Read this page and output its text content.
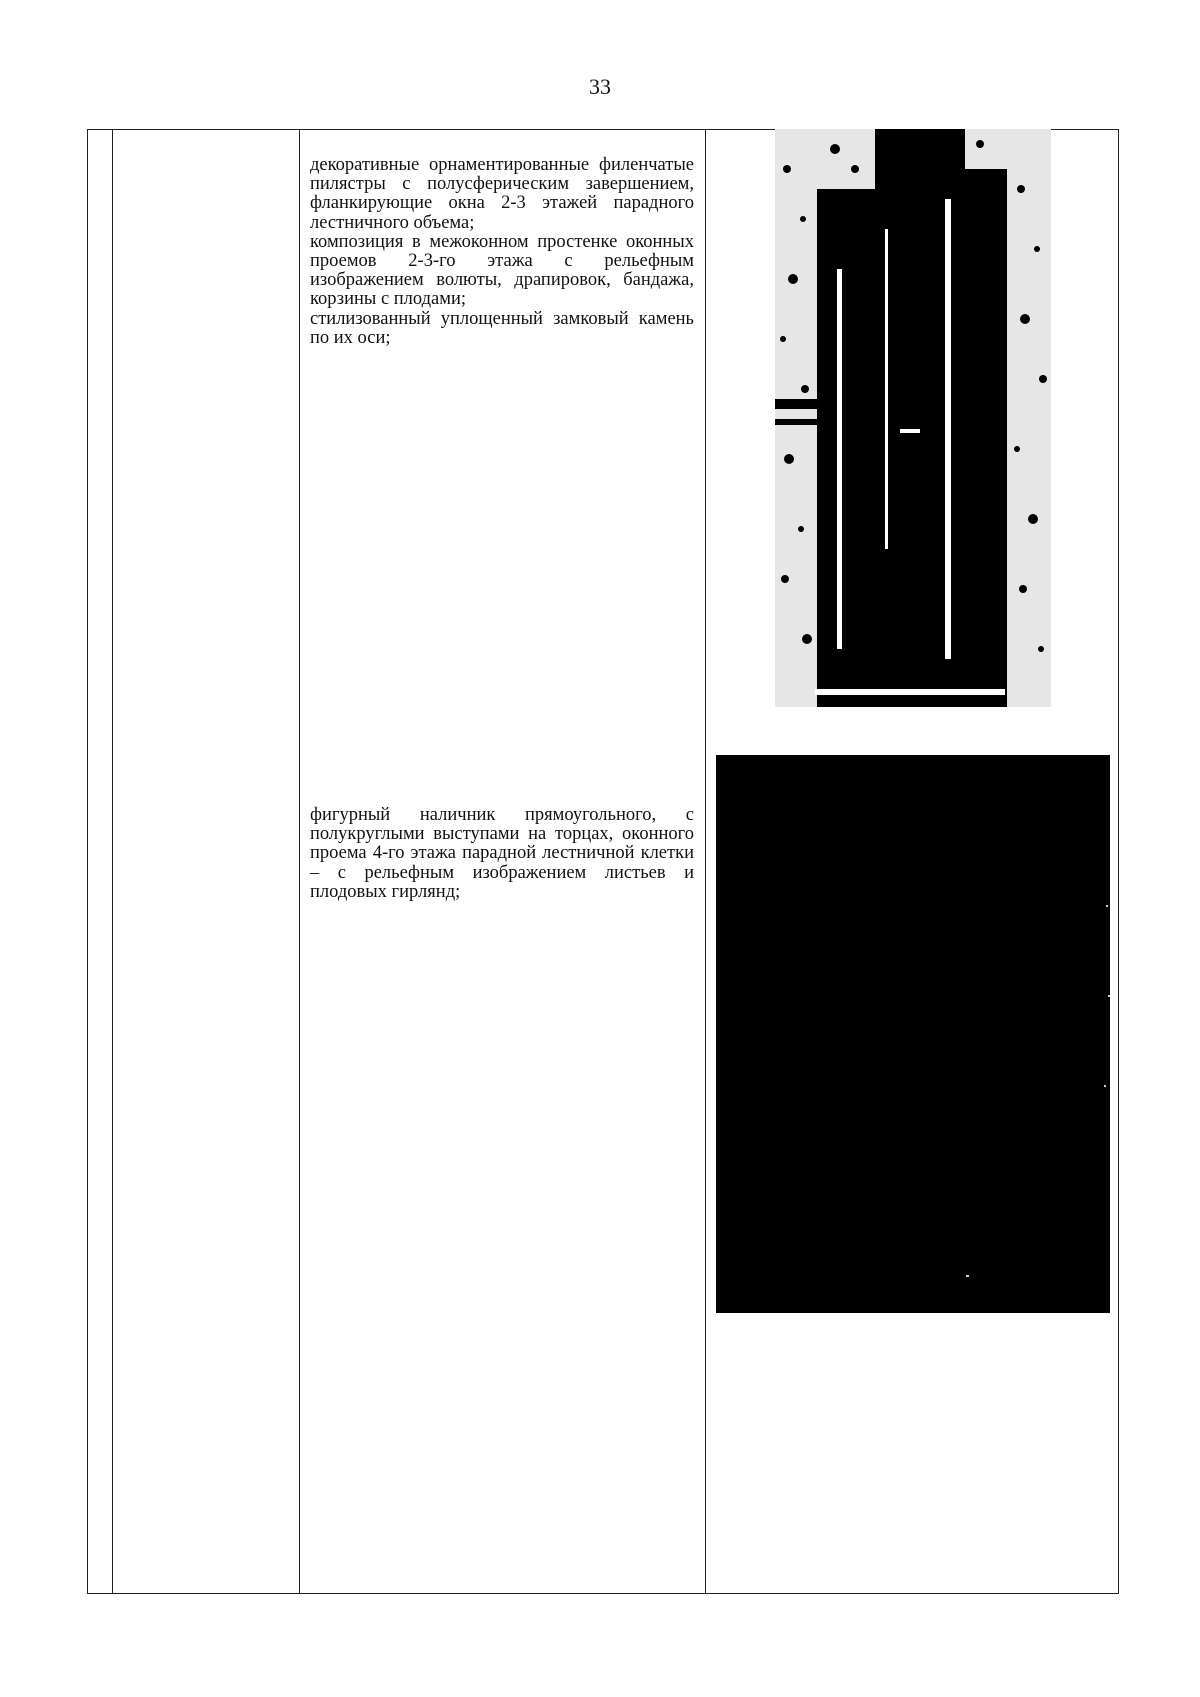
33

декоративные орнаментированные филенчатые пилястры с полусферическим завершением, фланкирующие окна 2-3 этажей парадного лестничного объема;

композиция в межоконном простенке оконных проемов 2-3-го этажа с рельефным изображением волюты, драпировок, бандажа, корзины с плодами;

стилизованный уплощенный замковый камень по их оси;

фигурный наличник прямоугольного, с полукруглыми выступами на торцах, оконного проема 4-го этажа парадной лестничной клетки – с рельефным изображением листьев и плодовых гирлянд;
